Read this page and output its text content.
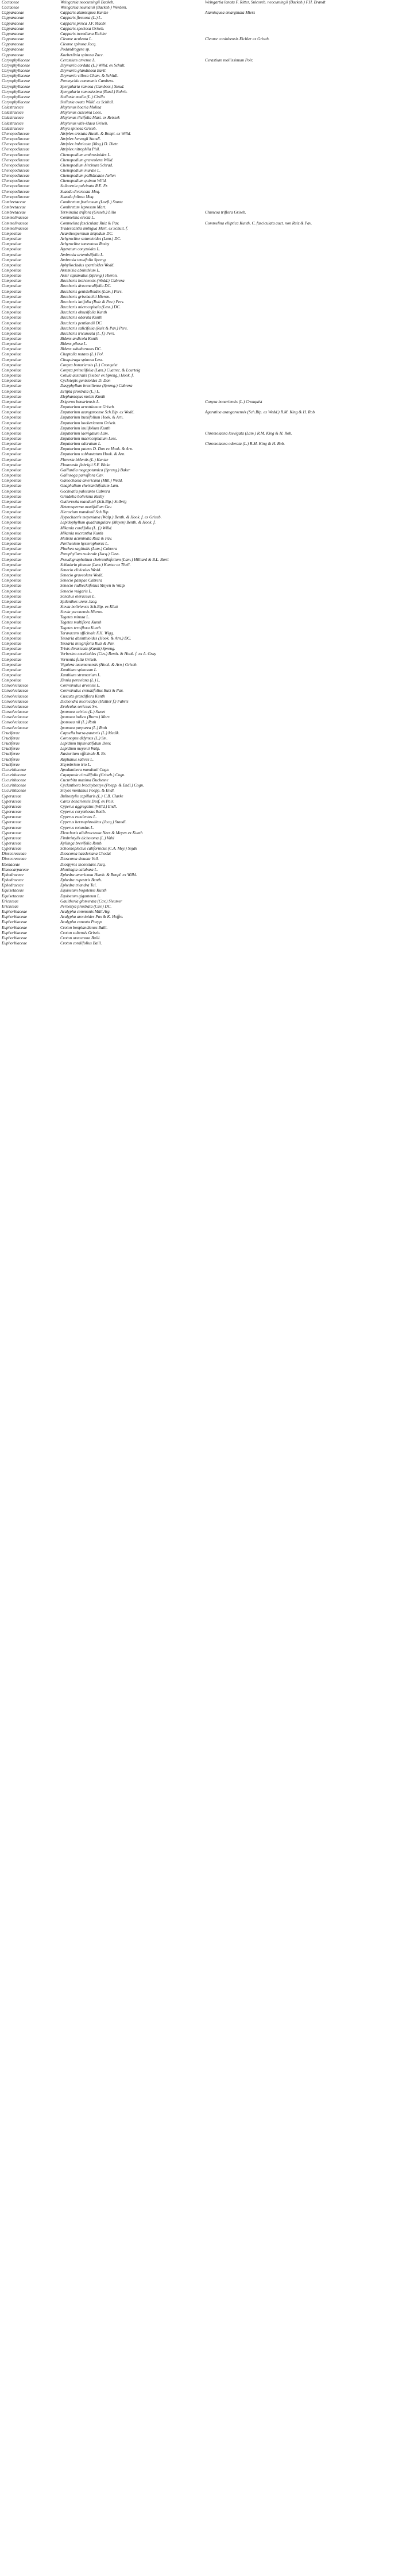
Cactaceae	Weingartia neocumingii Backeb.	Weingartia lanata F. Ritter, Sulcoreb. neocumingii (Backeb.) F.H. Brandt
Cactaceae	Weingartia neumanii (Backeb.) Werdem.	
Capparaceae	Capparis atamisquea Kuntze	Atamisquea emarginata Miers
Capparaceae	Capparis flexuosa (L.) L.	
Capparaceae	Capparis prisca J.F. Macbr.	
Capparaceae	Capparis speciosa Griseb.	
Capparaceae	Capparis tweediana Eichler	
Capparaceae	Cleome aculeata L.	Cleome cordobensis Eichler ex Griseb.
Capparaceae	Cleome spinosa Jacq.	
Capparaceae	Podandrogyne sp.	
Capparaceae	Koeberlinia spinosa Zucc.	
Caryophyllaceae	Cerastium arvense L.	Cerastium mollissimum Poir.
Caryophyllaceae	Drymaria cordata (L.) Willd. ex Schult.	
Caryophyllaceae	Drymaria glandulosa Bartl.	
Caryophyllaceae	Drymaria villosa Cham. & Schltdl.	
Caryophyllaceae	Paronychia communis Cambess.	
Caryophyllaceae	Spergularia ramosa (Cambess.) Steud.	
Caryophyllaceae	Spergularia ramosissima (Bartl.) Rohrb.	
Caryophyllaceae	Stellaria media (L.) Cirillo	
Caryophyllaceae	Stellaria ovata Willd. ex Schltdl.	
Celastraceae	Maytenus boaria Molina	
Celastraceae	Maytenus cuzcoina Loes.	
Celastraceae	Maytenus ilicifolia Mart. ex Reissek	
Celastraceae	Maytenus vitis-idaea Griseb.	
Celastraceae	Moya spinosa Griseb.	
Chenopodiaceae	Atriplex cristata Humb. & Bonpl. ex Willd.	
Chenopodiaceae	Atriplex herzogii Standl.	
Chenopodiaceae	Atriplex imbricata (Moq.) D. Dietr.	
Chenopodiaceae	Atriplex nitrophila Phil.	
Chenopodiaceae	Chenopodium ambrosioides L.	
Chenopodiaceae	Chenopodium graveolens Willd.	
Chenopodiaceae	Chenopodium hircinum Schrad.	
Chenopodiaceae	Chenopodium murale L.	
Chenopodiaceae	Chenopodium pallidicaule Aellen	
Chenopodiaceae	Chenopodium quinoa Willd.	
Chenopodiaceae	Salicornia pulvinata R.E. Fr.	
Chenopodiaceae	Suaeda divaricata Moq.	
Chenopodiaceae	Suaeda foliosa Moq.	
Combretaceae	Combretum fruticosum (Loefl.) Stuntz	
Combretaceae	Combretum leprosum Mart.	
Combretaceae	Terminalia triflora (Griseb.) Lillo	Chuncoa triflora Griseb.
Commelinaceae	Commelina erecta L.	
Commelinaceae	Commelina fasciculata Ruiz & Pav.	Commelina elliptica Kunth, C. fasciculata auct. non Ruiz & Pav.
Commelinaceae	Tradescantia ambigua Mart. ex Schult. f.	
Compositae	Acanthospermum hispidum DC.	
Compositae	Achyrocline satureioides (Lam.) DC.	
Compositae	Achyrocline tomentosa Rusby	
Compositae	Ageratum conyzoides L.	
Compositae	Ambrosia artemisiifolia L.	
Compositae	Ambrosia tenuifolia Spreng.	
Compositae	Aphyllocladus spartioides Wedd.	
Compositae	Artemisia absinthium L.	
Compositae	Aster squamatus (Spreng.) Hieron.	
Compositae	Baccharis boliviensis (Wedd.) Cabrera	
Compositae	Baccharis dracunculifolia DC.	
Compositae	Baccharis genistelloides (Lam.) Pers.	
Compositae	Baccharis grisebachii Hieron.	
Compositae	Baccharis latifolia (Ruiz & Pav.) Pers.	
Compositae	Baccharis microcephala (Less.) DC.	
Compositae	Baccharis obtusifolia Kunth	
Compositae	Baccharis odorata Kunth	
Compositae	Baccharis pentlandii DC.	
Compositae	Baccharis salicifolia (Ruiz & Pav.) Pers.	
Compositae	Baccharis tricuneata (L. f.) Pers.	
Compositae	Bidens andicola Kunth	
Compositae	Bidens pilosa L.	
Compositae	Bidens subalternans DC.	
Compositae	Chaptalia nutans (L.) Pol.	
Compositae	Chuquiraga spinosa Less.	
Compositae	Conyza bonariensis (L.) Cronquist	
Compositae	Conyza primulifolia (Lam.) Cuatrec. & Lourteig	
Compositae	Cotula australis (Sieber ex Spreng.) Hook. f.	
Compositae	Cyclolepis genistoides D. Don	
Compositae	Dasyphyllum brasiliense (Spreng.) Cabrera	
Compositae	Eclipta prostrata (L.) L.	
Compositae	Elephantopus mollis Kunth	
Compositae	Erigeron bonariensis L.	Conyza bonariensis (L.) Cronquist
Compositae	Eupatorium arnottianum Griseb.	
Compositae	Eupatorium azangaroense Sch.Bip. ex Wedd.	Ageratina azangaroensis (Sch.Bip. ex Wedd.) R.M. King & H. Rob.
Compositae	Eupatorium buniifolium Hook. & Arn.	
Compositae	Eupatorium hookerianum Griseb.	
Compositae	Eupatorium inulifolium Kunth	
Compositae	Eupatorium laevigatum Lam.	Chromolaena laevigata (Lam.) R.M. King & H. Rob.
Compositae	Eupatorium macrocephalum Less.	
Compositae	Eupatorium odoratum L.	Chromolaena odorata (L.) R.M. King & H. Rob.
Compositae	Eupatorium patens D. Don ex Hook. & Arn.	
Compositae	Eupatorium subhastatum Hook. & Arn.	
Compositae	Flaveria bidentis (L.) Kuntze	
Compositae	Flourensia fiebrigii S.F. Blake	
Compositae	Gaillardia megapotamica (Spreng.) Baker	
Compositae	Galinsoga parviflora Cav.	
Compositae	Gamochaeta americana (Mill.) Wedd.	
Compositae	Gnaphalium cheiranthifolium Lam.	
Compositae	Gochnatia palosanto Cabrera	
Compositae	Grindelia boliviana Rusby	
Compositae	Gutierrezia mandonii (Sch.Bip.) Solbrig	
Compositae	Heterosperma ovatifolium Cav.	
Compositae	Hieracium mandonii Sch.Bip.	
Compositae	Hypochaeris meyeniana (Walp.) Benth. & Hook. f. ex Griseb.	
Compositae	Lepidophyllum quadrangulare (Meyen) Benth. & Hook. f.	
Compositae	Mikania cordifolia (L. f.) Willd.	
Compositae	Mikania micrantha Kunth	
Compositae	Mutisia acuminata Ruiz & Pav.	
Compositae	Parthenium hysterophorus L.	
Compositae	Pluchea sagittalis (Lam.) Cabrera	
Compositae	Porophyllum ruderale (Jacq.) Cass.	
Compositae	Pseudognaphalium cheiranthifolium (Lam.) Hilliard & B.L. Burtt	
Compositae	Schkuhria pinnata (Lam.) Kuntze ex Thell.	
Compositae	Senecio clivicolus Wedd.	
Compositae	Senecio graveolens Wedd.	
Compositae	Senecio pampae Cabrera	
Compositae	Senecio rudbeckiifolius Meyen & Walp.	
Compositae	Senecio vulgaris L.	
Compositae	Sonchus oleraceus L.	
Compositae	Spilanthes urens Jacq.	
Compositae	Stevia boliviensis Sch.Bip. ex Klatt	
Compositae	Stevia yaconensis Hieron.	
Compositae	Tagetes minuta L.	
Compositae	Tagetes multiflora Kunth	
Compositae	Tagetes terniflora Kunth	
Compositae	Taraxacum officinale F.H. Wigg.	
Compositae	Tessaria absinthioides (Hook. & Arn.) DC.	
Compositae	Tessaria integrifolia Ruiz & Pav.	
Compositae	Trixis divaricata (Kunth) Spreng.	
Compositae	Verbesina encelioides (Cav.) Benth. & Hook. f. ex A. Gray	
Compositae	Vernonia fulta Griseb.	
Compositae	Viguiera tucumanensis (Hook. & Arn.) Griseb.	
Compositae	Xanthium spinosum L.	
Compositae	Xanthium strumarium L.	
Compositae	Zinnia peruviana (L.) L.	
Convolvulaceae	Convolvulus arvensis L.	
Convolvulaceae	Convolvulus crenatifolius Ruiz & Pav.	
Convolvulaceae	Cuscuta grandiflora Kunth	
Convolvulaceae	Dichondra microcalyx (Hallier f.) Fabris	
Convolvulaceae	Evolvulus sericeus Sw.	
Convolvulaceae	Ipomoea cairica (L.) Sweet	
Convolvulaceae	Ipomoea indica (Burm.) Merr.	
Convolvulaceae	Ipomoea nil (L.) Roth	
Convolvulaceae	Ipomoea purpurea (L.) Roth	
Cruciferae	Capsella bursa-pastoris (L.) Medik.	
Cruciferae	Coronopus didymus (L.) Sm.	
Cruciferae	Lepidium bipinnatifidum Desv.	
Cruciferae	Lepidium meyenii Walp.	
Cruciferae	Nasturtium officinale R. Br.	
Cruciferae	Raphanus sativus L.	
Cruciferae	Sisymbrium irio L.	
Cucurbitaceae	Apodanthera mandonii Cogn.	
Cucurbitaceae	Cayaponia citrullifolia (Griseb.) Cogn.	
Cucurbitaceae	Cucurbita maxima Duchesne	
Cucurbitaceae	Cyclanthera brachybotrys (Poepp. & Endl.) Cogn.	
Cucurbitaceae	Sicyos montanus Poepp. & Endl.	
Cyperaceae	Bulbostylis capillaris (L.) C.B. Clarke	
Cyperaceae	Carex bonariensis Desf. ex Poir.	
Cyperaceae	Cyperus aggregatus (Willd.) Endl.	
Cyperaceae	Cyperus corymbosus Rottb.	
Cyperaceae	Cyperus esculentus L.	
Cyperaceae	Cyperus hermaphroditus (Jacq.) Standl.	
Cyperaceae	Cyperus rotundus L.	
Cyperaceae	Eleocharis albibracteata Nees & Meyen ex Kunth	
Cyperaceae	Fimbristylis dichotoma (L.) Vahl	
Cyperaceae	Kyllinga brevifolia Rottb.	
Cyperaceae	Schoenoplectus californicus (C.A. Mey.) Soják	
Dioscoreaceae	Dioscorea hassleriana Chodat	
Dioscoreaceae	Dioscorea sinuata Vell.	
Ebenaceae	Diospyros inconstans Jacq.	
Elaeocarpaceae	Muntingia calabura L.	
Ephedraceae	Ephedra americana Humb. & Bonpl. ex Willd.	
Ephedraceae	Ephedra rupestris Benth.	
Ephedraceae	Ephedra triandra Tul.	
Equisetaceae	Equisetum bogotense Kunth	
Equisetaceae	Equisetum giganteum L.	
Ericaceae	Gaultheria glomerata (Cav.) Sleumer	
Ericaceae	Pernettya prostrata (Cav.) DC.	
Euphorbiaceae	Acalypha communis Müll.Arg.	
Euphorbiaceae	Acalypha aronioides Pax & K. Hoffm.	
Euphorbiaceae	Acalypha cuneata Poepp.	
Euphorbiaceae	Croton bonplandianus Baill.	
Euphorbiaceae	Croton saltensis Griseb.	
Euphorbiaceae	Croton urucurana Baill.	
Euphorbiaceae	Croton cordiifolius Baill.	
